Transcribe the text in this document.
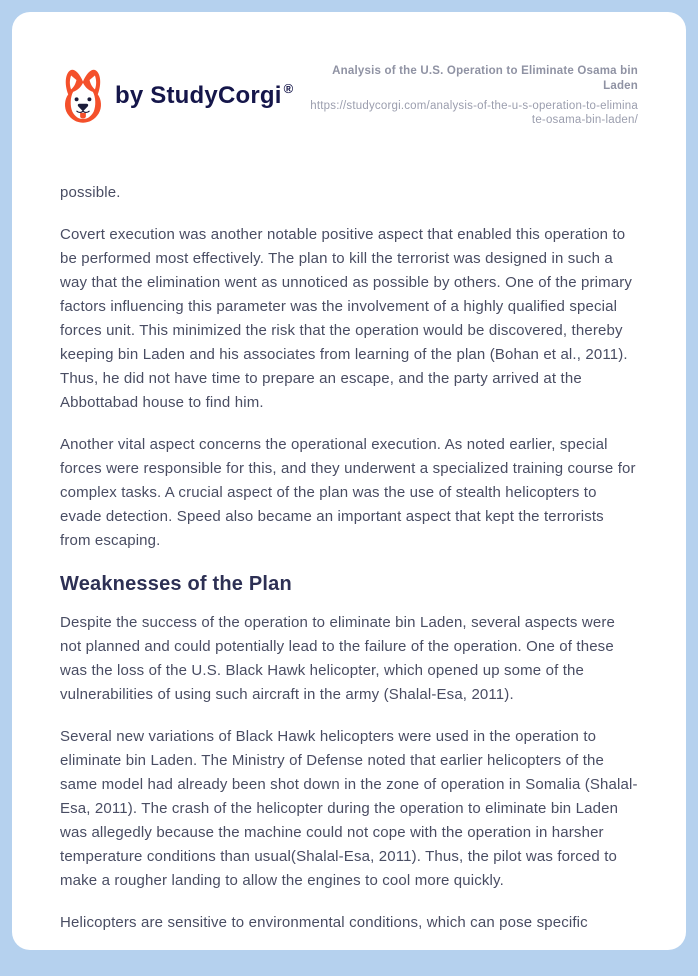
by StudyCorgi ®
Analysis of the U.S. Operation to Eliminate Osama bin Laden
https://studycorgi.com/analysis-of-the-u-s-operation-to-eliminate-osama-bin-laden/

possible.

Covert execution was another notable positive aspect that enabled this operation to be performed most effectively. The plan to kill the terrorist was designed in such a way that the elimination went as unnoticed as possible by others. One of the primary factors influencing this parameter was the involvement of a highly qualified special forces unit. This minimized the risk that the operation would be discovered, thereby keeping bin Laden and his associates from learning of the plan (Bohan et al., 2011). Thus, he did not have time to prepare an escape, and the party arrived at the Abbottabad house to find him.

Another vital aspect concerns the operational execution. As noted earlier, special forces were responsible for this, and they underwent a specialized training course for complex tasks. A crucial aspect of the plan was the use of stealth helicopters to evade detection. Speed also became an important aspect that kept the terrorists from escaping.

Weaknesses of the Plan

Despite the success of the operation to eliminate bin Laden, several aspects were not planned and could potentially lead to the failure of the operation. One of these was the loss of the U.S. Black Hawk helicopter, which opened up some of the vulnerabilities of using such aircraft in the army (Shalal-Esa, 2011).

Several new variations of Black Hawk helicopters were used in the operation to eliminate bin Laden. The Ministry of Defense noted that earlier helicopters of the same model had already been shot down in the zone of operation in Somalia (Shalal-Esa, 2011). The crash of the helicopter during the operation to eliminate bin Laden was allegedly because the machine could not cope with the operation in harsher temperature conditions than usual(Shalal-Esa, 2011). Thus, the pilot was forced to make a rougher landing to allow the engines to cool more quickly.

Helicopters are sensitive to environmental conditions, which can pose specific
